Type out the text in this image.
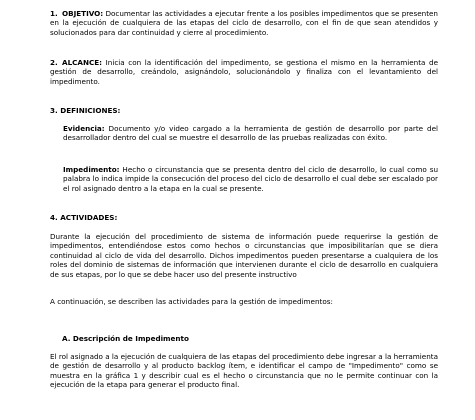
1. OBJETIVO: Documentar las actividades a ejecutar frente a los posibles impedimentos que se presenten en la ejecución de cualquiera de las etapas del ciclo de desarrollo, con el fin de que sean atendidos y solucionados para dar continuidad y cierre al procedimiento.

2. ALCANCE: Inicia con la identificación del impedimento, se gestiona el mismo en la herramienta de gestión de desarrollo, creándolo, asignándolo, solucionándolo y finaliza con el levantamiento del impedimento.

3. DEFINICIONES:

Evidencia: Documento y/o video cargado a la herramienta de gestión de desarrollo por parte del desarrollador dentro del cual se muestre el desarrollo de las pruebas realizadas con éxito.

Impedimento: Hecho o circunstancia que se presenta dentro del ciclo de desarrollo, lo cual como su palabra lo indica impide la consecución del proceso del ciclo de desarrollo el cual debe ser escalado por el rol asignado dentro a la etapa en la cual se presente.

4. ACTIVIDADES:

Durante la ejecución del procedimiento de sistema de información puede requerirse la gestión de impedimentos, entendiéndose estos como hechos o circunstancias que imposibilitarían que se diera continuidad al ciclo de vida del desarrollo. Dichos impedimentos pueden presentarse a cualquiera de los roles del dominio de sistemas de información que intervienen durante el ciclo de desarrollo en cualquiera de sus etapas, por lo que se debe hacer uso del presente instructivo

A continuación, se describen las actividades para la gestión de impedimentos:

A. Descripción de Impedimento

El rol asignado a la ejecución de cualquiera de las etapas del procedimiento debe ingresar a la herramienta de gestión de desarrollo y al producto backlog ítem, e identificar el campo de "Impedimento" como se muestra en la gráfica 1 y describir cual es el hecho o circunstancia que no le permite continuar con la ejecución de la etapa para generar el producto final.
